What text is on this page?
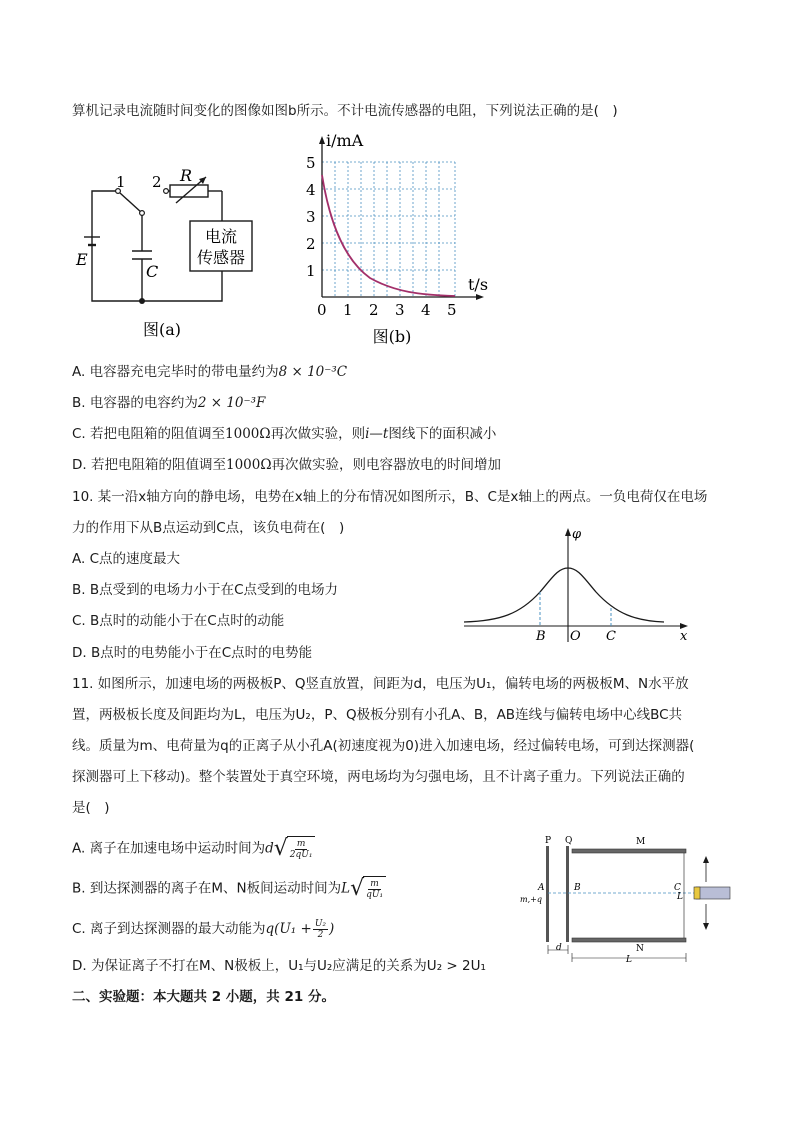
算机记录电流随时间变化的图像如图b所示。不计电流传感器的电阻，下列说法正确的是(　)
1 2 R
E
C
电流
传感器
图(a)
i/mA
t/s
5
4
3
2
1
0 1 2 3 4 5
图(b)
A. 电容器充电完毕时的带电量约为8 × 10⁻³C
B. 电容器的电容约为2 × 10⁻³F
C. 若把电阻箱的阻值调至1000Ω再次做实验，则i—t图线下的面积减小
D. 若把电阻箱的阻值调至1000Ω再次做实验，则电容器放电的时间增加
10. 某一沿x轴方向的静电场，电势在x轴上的分布情况如图所示，B、C是x轴上的两点。一负电荷仅在电场
力的作用下从B点运动到C点，该负电荷在(　)
A. C点的速度最大
B. B点受到的电场力小于在C点受到的电场力
C. B点时的动能小于在C点时的动能
D. B点时的电势能小于在C点时的电势能
φ
x
B O C
11. 如图所示，加速电场的两极板P、Q竖直放置，间距为d，电压为U₁，偏转电场的两极板M、N水平放
置，两极板长度及间距均为L，电压为U₂，P、Q极板分别有小孔A、B，AB连线与偏转电场中心线BC共
线。质量为m、电荷量为q的正离子从小孔A(初速度视为0)进入加速电场，经过偏转电场，可到达探测器(
探测器可上下移动)。整个装置处于真空环境，两电场均为匀强电场，且不计离子重力。下列说法正确的
是(　)
A. 离子在加速电场中运动时间为d √ $\frac{m}{\text{2qU₁}}$
B. 到达探测器的离子在M、N板间运动时间为L √ $\frac{m}{\text{qU₁}}$
C. 离子到达探测器的最大动能为$q(U_1 + \frac{\text{U₂}}{2}$ )
D. 为保证离子不打在M、N极板上，U₁与U₂应满足的关系为U₂ > 2U₁
P Q	M
N
A	B	C
L
d
L
m,+q
二、实验题：本大题共 2 小题，共 21 分。
